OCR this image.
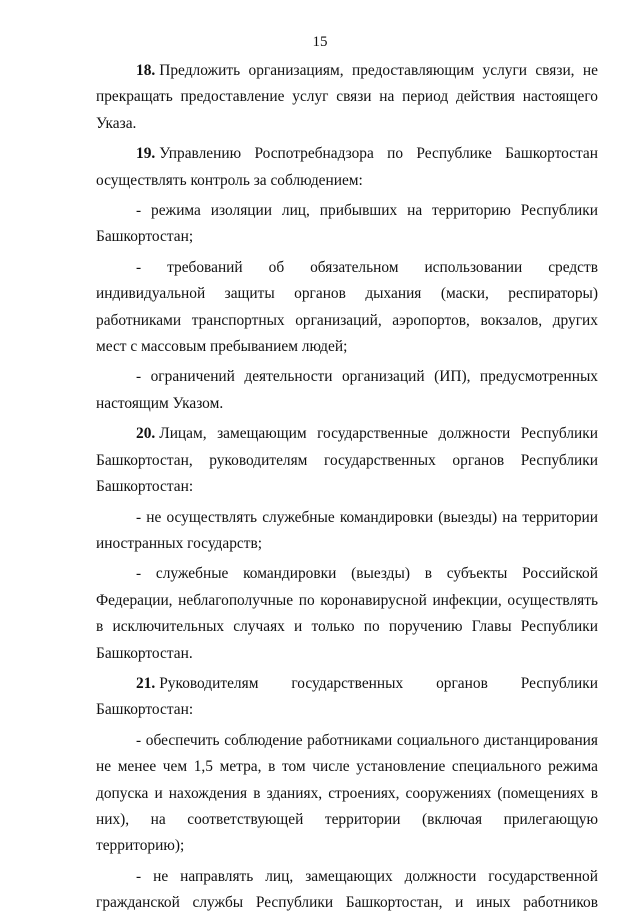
15

18. Предложить организациям, предоставляющим услуги связи, не прекращать предоставление услуг связи на период действия настоящего Указа.

19. Управлению Роспотребнадзора по Республике Башкортостан осуществлять контроль за соблюдением:

- режима изоляции лиц, прибывших на территорию Республики Башкортостан;

- требований об обязательном использовании средств индивидуальной защиты органов дыхания (маски, респираторы) работниками транспортных организаций, аэропортов, вокзалов, других мест с массовым пребыванием людей;

- ограничений деятельности организаций (ИП), предусмотренных настоящим Указом.

20. Лицам, замещающим государственные должности Республики Башкортостан, руководителям государственных органов Республики Башкортостан:

- не осуществлять служебные командировки (выезды) на территории иностранных государств;

- служебные командировки (выезды) в субъекты Российской Федерации, неблагополучные по коронавирусной инфекции, осуществлять в исключительных случаях и только по поручению Главы Республики Башкортостан.

21. Руководителям государственных органов Республики Башкортостан:

- обеспечить соблюдение работниками социального дистанцирования не менее чем 1,5 метра, в том числе установление специального режима допуска и нахождения в зданиях, строениях, сооружениях (помещениях в них), на соответствующей территории (включая прилегающую территорию);

- не направлять лиц, замещающих должности государственной гражданской службы Республики Башкортостан, и иных работников
